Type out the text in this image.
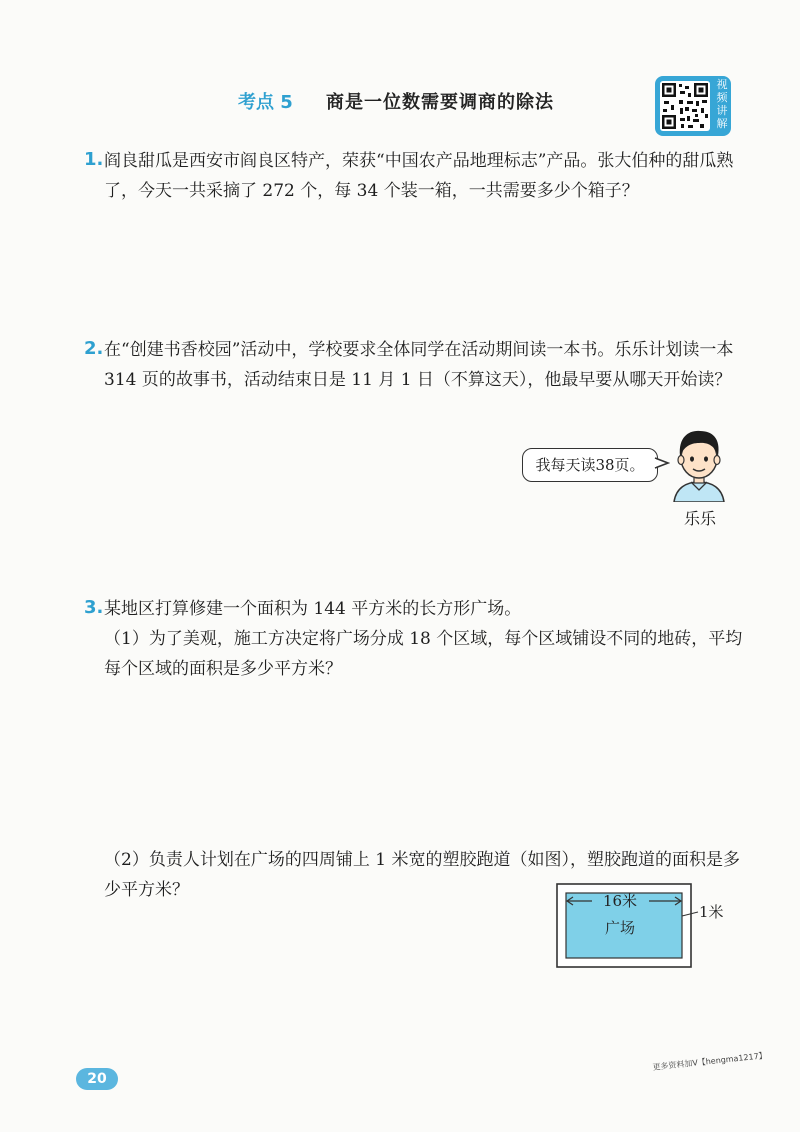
考点 5 商是一位数需要调商的除法
视频讲解
1. 阎良甜瓜是西安市阎良区特产，荣获“中国农产品地理标志”产品。张大伯种的甜瓜熟了，今天一共采摘了 272 个，每 34 个装一箱，一共需要多少个箱子？
2. 在“创建书香校园”活动中，学校要求全体同学在活动期间读一本书。乐乐计划读一本 314 页的故事书，活动结束日是 11 月 1 日（不算这天），他最早要从哪天开始读？
我每天读38页。
乐乐
3. 某地区打算修建一个面积为 144 平方米的长方形广场。
（1）为了美观，施工方决定将广场分成 18 个区域，每个区域铺设不同的地砖，平均每个区域的面积是多少平方米？
（2）负责人计划在广场的四周铺上 1 米宽的塑胶跑道（如图），塑胶跑道的面积是多少平方米？
16米
广场
1米
20
更多资料加V【hengma1217】
